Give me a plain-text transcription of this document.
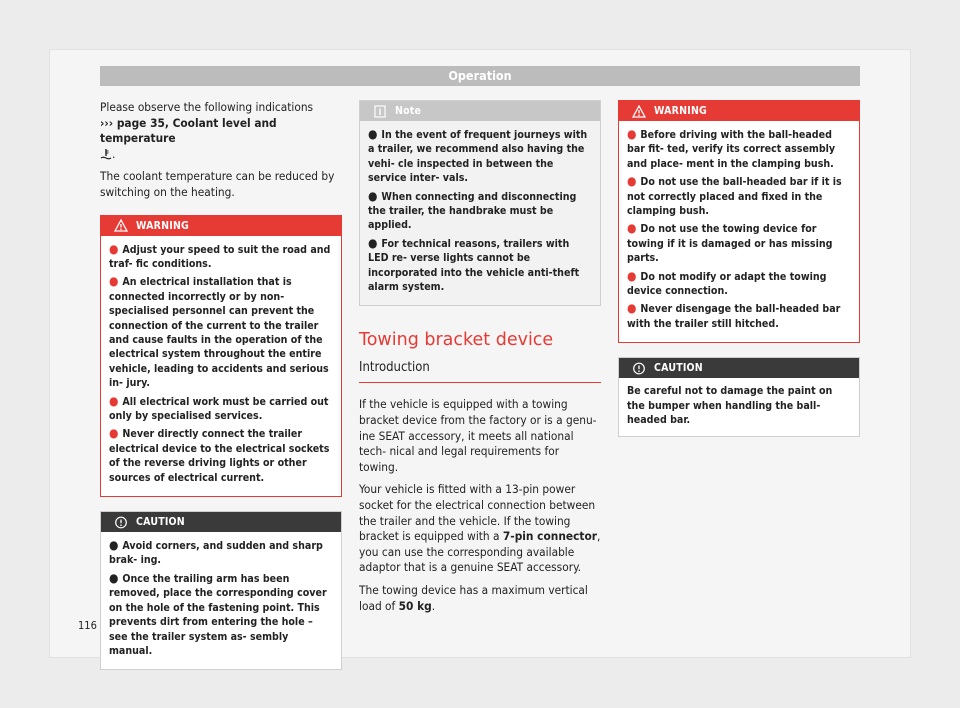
Operation

Please observe the following indications
››› page 35, Coolant level and temperature
.

The coolant temperature can be reduced by switching on the heating.

WARNING
● Adjust your speed to suit the road and traf- fic conditions.
● An electrical installation that is connected incorrectly or by non-specialised personnel can prevent the connection of the current to the trailer and cause faults in the operation of the electrical system throughout the entire vehicle, leading to accidents and serious in- jury.
● All electrical work must be carried out only by specialised services.
● Never directly connect the trailer electrical device to the electrical sockets of the reverse driving lights or other sources of electrical current.
CAUTION
● Avoid corners, and sudden and sharp brak- ing.
● Once the trailing arm has been removed, place the corresponding cover on the hole of the fastening point. This prevents dirt from entering the hole – see the trailer system as- sembly manual.
Note
● In the event of frequent journeys with a trailer, we recommend also having the vehi- cle inspected in between the service inter- vals.
● When connecting and disconnecting the trailer, the handbrake must be applied.
● For technical reasons, trailers with LED re- verse lights cannot be incorporated into the vehicle anti-theft alarm system.
Towing bracket device
Introduction

If the vehicle is equipped with a towing bracket device from the factory or is a genu- ine SEAT accessory, it meets all national tech- nical and legal requirements for towing.

Your vehicle is fitted with a 13-pin power socket for the electrical connection between the trailer and the vehicle. If the towing bracket is equipped with a 7-pin connector, you can use the corresponding available adaptor that is a genuine SEAT accessory.

The towing device has a maximum vertical load of 50 kg.

WARNING
● Before driving with the ball-headed bar fit- ted, verify its correct assembly and place- ment in the clamping bush.
● Do not use the ball-headed bar if it is not correctly placed and fixed in the clamping bush.
● Do not use the towing device for towing if it is damaged or has missing parts.
● Do not modify or adapt the towing device connection.
● Never disengage the ball-headed bar with the trailer still hitched.
CAUTION
Be careful not to damage the paint on the bumper when handling the ball-headed bar.
116
